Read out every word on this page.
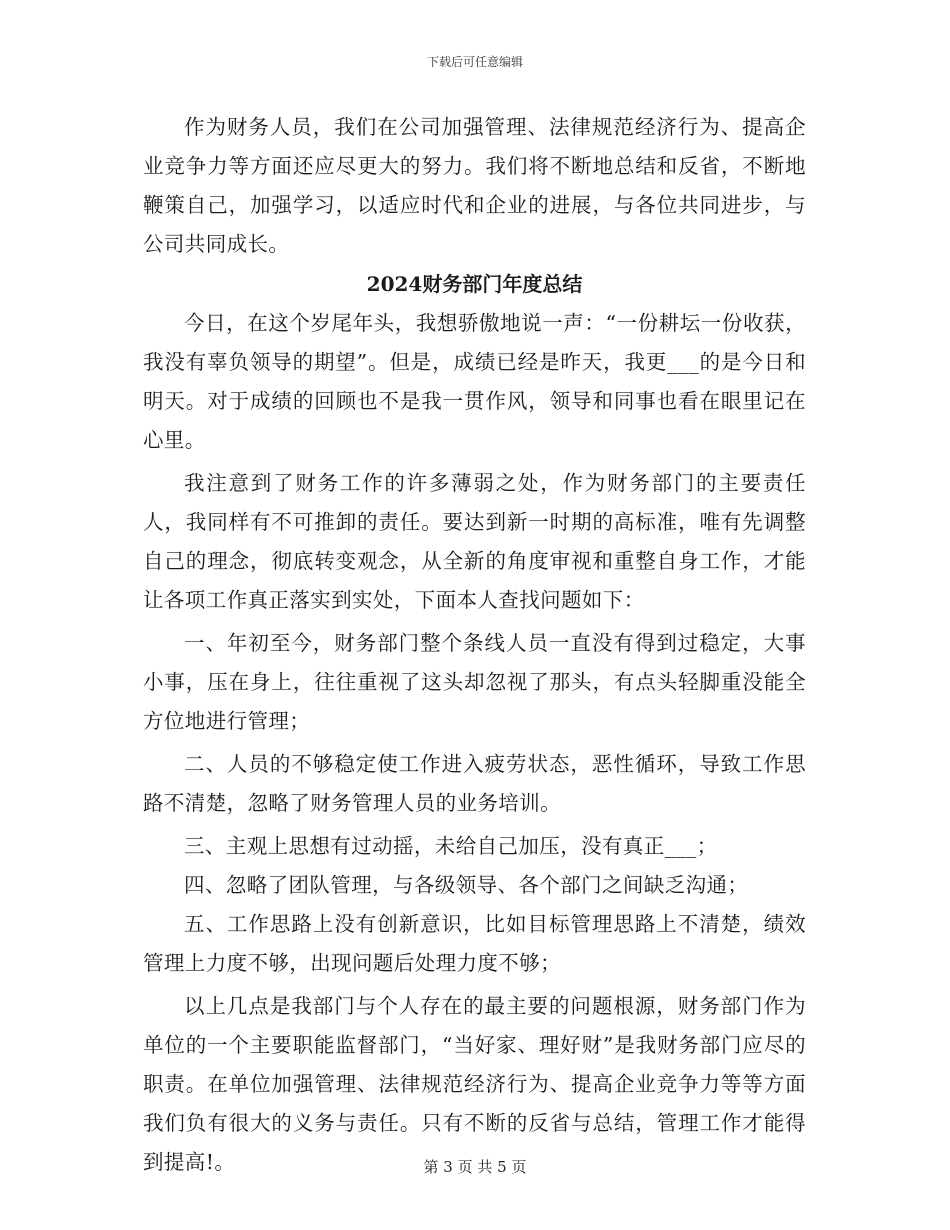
下载后可任意编辑

作为财务人员，我们在公司加强管理、法律规范经济行为、提高企业竞争力等方面还应尽更大的努力。我们将不断地总结和反省，不断地鞭策自己，加强学习，以适应时代和企业的进展，与各位共同进步，与公司共同成长。

2024财务部门年度总结

今日，在这个岁尾年头，我想骄傲地说一声：“一份耕坛一份收获，我没有辜负领导的期望”。但是，成绩已经是昨天，我更___的是今日和明天。对于成绩的回顾也不是我一贯作风，领导和同事也看在眼里记在心里。

我注意到了财务工作的许多薄弱之处，作为财务部门的主要责任人，我同样有不可推卸的责任。要达到新一时期的高标准，唯有先调整自己的理念，彻底转变观念，从全新的角度审视和重整自身工作，才能让各项工作真正落实到实处，下面本人查找问题如下：

一、年初至今，财务部门整个条线人员一直没有得到过稳定，大事小事，压在身上，往往重视了这头却忽视了那头，有点头轻脚重没能全方位地进行管理；

二、人员的不够稳定使工作进入疲劳状态，恶性循环，导致工作思路不清楚，忽略了财务管理人员的业务培训。

三、主观上思想有过动摇，未给自己加压，没有真正___；

四、忽略了团队管理，与各级领导、各个部门之间缺乏沟通；

五、工作思路上没有创新意识，比如目标管理思路上不清楚，绩效管理上力度不够，出现问题后处理力度不够；

以上几点是我部门与个人存在的最主要的问题根源，财务部门作为单位的一个主要职能监督部门，“当好家、理好财”是我财务部门应尽的职责。在单位加强管理、法律规范经济行为、提高企业竞争力等等方面我们负有很大的义务与责任。只有不断的反省与总结，管理工作才能得到提高!。	第 3 页 共 5 页
